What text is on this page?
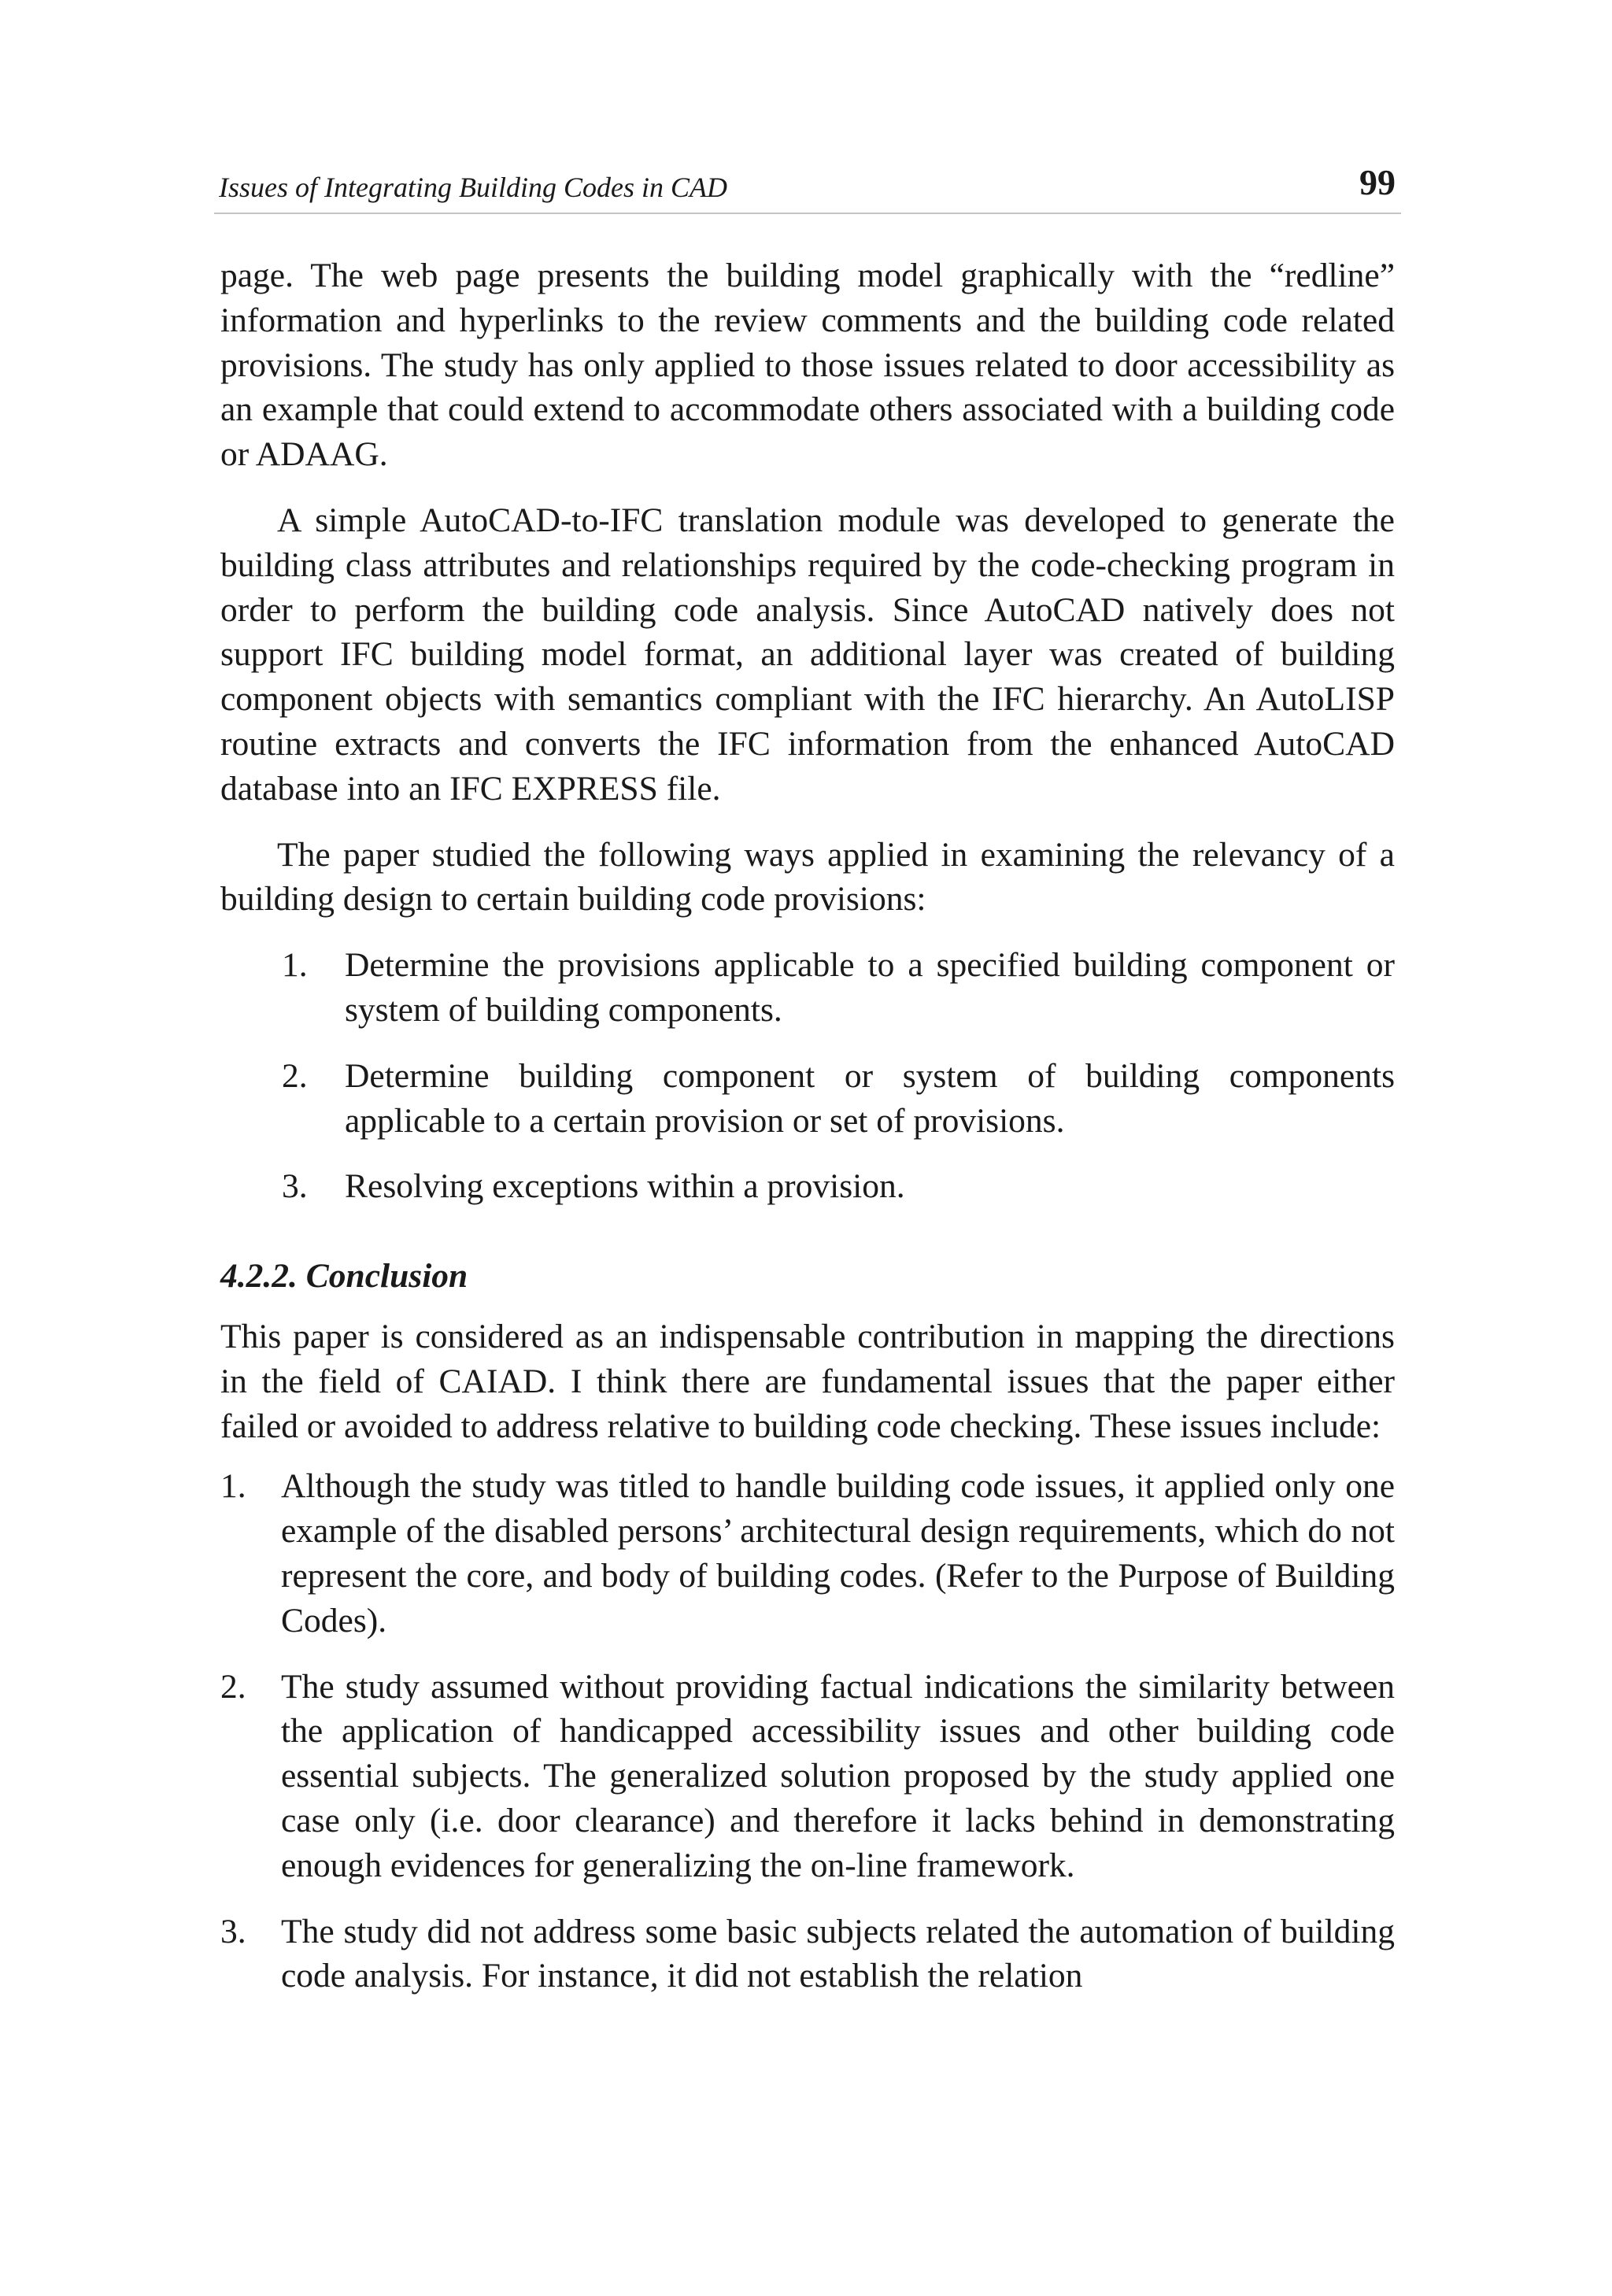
Issues of Integrating Building Codes in CAD	99

page. The web page presents the building model graphically with the “redline” information and hyperlinks to the review comments and the building code related provisions. The study has only applied to those issues related to door accessibility as an example that could extend to accommodate others associated with a building code or ADAAG.

A simple AutoCAD-to-IFC translation module was developed to generate the building class attributes and relationships required by the code-checking program in order to perform the building code analysis. Since AutoCAD natively does not support IFC building model format, an additional layer was created of building component objects with semantics compliant with the IFC hierarchy. An AutoLISP routine extracts and converts the IFC information from the enhanced AutoCAD database into an IFC EXPRESS file.

The paper studied the following ways applied in examining the relevancy of a building design to certain building code provisions:

1. Determine the provisions applicable to a specified building component or system of building components.
2. Determine building component or system of building components applicable to a certain provision or set of provisions.
3. Resolving exceptions within a provision.
4.2.2. Conclusion

This paper is considered as an indispensable contribution in mapping the directions in the field of CAIAD. I think there are fundamental issues that the paper either failed or avoided to address relative to building code checking. These issues include:

1. Although the study was titled to handle building code issues, it applied only one example of the disabled persons’ architectural design requirements, which do not represent the core, and body of building codes. (Refer to the Purpose of Building Codes).
2. The study assumed without providing factual indications the similarity between the application of handicapped accessibility issues and other building code essential subjects. The generalized solution proposed by the study applied one case only (i.e. door clearance) and therefore it lacks behind in demonstrating enough evidences for generalizing the on-line framework.
3. The study did not address some basic subjects related the automation of building code analysis. For instance, it did not establish the relation
